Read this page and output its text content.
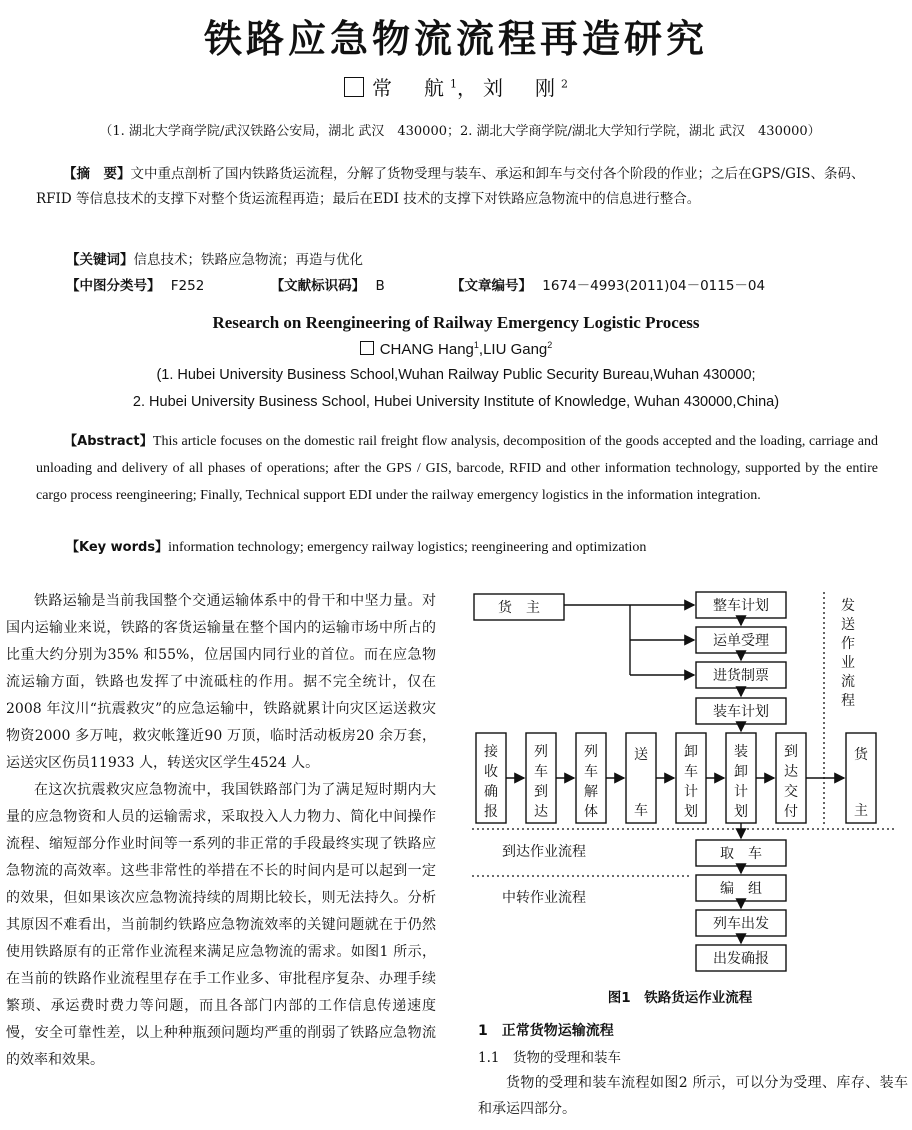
铁路应急物流流程再造研究
常　航$^1$，刘　刚$^2$
（1. 湖北大学商学院/武汉铁路公安局，湖北 武汉　430000；2. 湖北大学商学院/湖北大学知行学院，湖北 武汉　430000）
【摘　要】文中重点剖析了国内铁路货运流程，分解了货物受理与装车、承运和卸车与交付各个阶段的作业；之后在GPS/GIS、条码、RFID 等信息技术的支撑下对整个货运流程再造；最后在EDI 技术的支撑下对铁路应急物流中的信息进行整合。
【关键词】信息技术；铁路应急物流；再造与优化
【中图分类号】 F252	【文献标识码】 B	【文章编号】 1674－4993(2011)04－0115－04
Research on Reengineering of Railway Emergency Logistic Process
CHANG Hang$^1$,LIU Gang$^2$
(1. Hubei University Business School,Wuhan Railway Public Security Bureau,Wuhan 430000;
2. Hubei University Business School, Hubei University Institute of Knowledge, Wuhan 430000,China)
【Abstract】This article focuses on the domestic rail freight flow analysis, decomposition of the goods accepted and the loading, carriage and unloading and delivery of all phases of operations; after the GPS / GIS, barcode, RFID and other information technology, supported by the entire cargo process reengineering; Finally, Technical support EDI under the railway emergency logistics in the information integration.
【Key words】information technology; emergency railway logistics; reengineering and optimization

铁路运输是当前我国整个交通运输体系中的骨干和中坚力量。对国内运输业来说，铁路的客货运输量在整个国内的运输市场中所占的比重大约分别为35% 和55%，位居国内同行业的首位。而在应急物流运输方面，铁路也发挥了中流砥柱的作用。据不完全统计，仅在2008 年汶川“抗震救灾”的应急运输中，铁路就累计向灾区运送救灾物资2000 多万吨，救灾帐篷近90 万顶，临时活动板房20 余万套，运送灾区伤员11933 人，转送灾区学生4524 人。

在这次抗震救灾应急物流中，我国铁路部门为了满足短时期内大量的应急物资和人员的运输需求，采取投入人力物力、简化中间操作流程、缩短部分作业时间等一系列的非正常的手段最终实现了铁路应急物流的高效率。这些非常性的举措在不长的时间内是可以起到一定的效果，但如果该次应急物流持续的周期比较长，则无法持久。分析其原因不难看出，当前制约铁路应急物流效率的关键问题就在于仍然使用铁路原有的正常作业流程来满足应急物流的需求。如图1 所示，在当前的铁路作业流程里存在手工作业多、审批程序复杂、办理手续繁琐、承运费时费力等问题，而且各部门内部的工作信息传递速度慢，安全可靠性差，以上种种瓶颈问题均严重的削弱了铁路应急物流的效率和效果。

货　主	整车计划
运单受理
进货制票
装车计划
取　车
编　组
列车出发
出发确报
到达作业流程
中转作业流程
接
收
确
报
列
车
到
达
列
车
解
体
送
车
卸
车
计
划
装
卸
计
划
到
达
交
付
货
主
发
送
作
业
流
程
图1　铁路货运作业流程
1　正常货物运输流程
1.1　货物的受理和装车

货物的受理和装车流程如图2 所示，可以分为受理、库存、装车和承运四部分。
